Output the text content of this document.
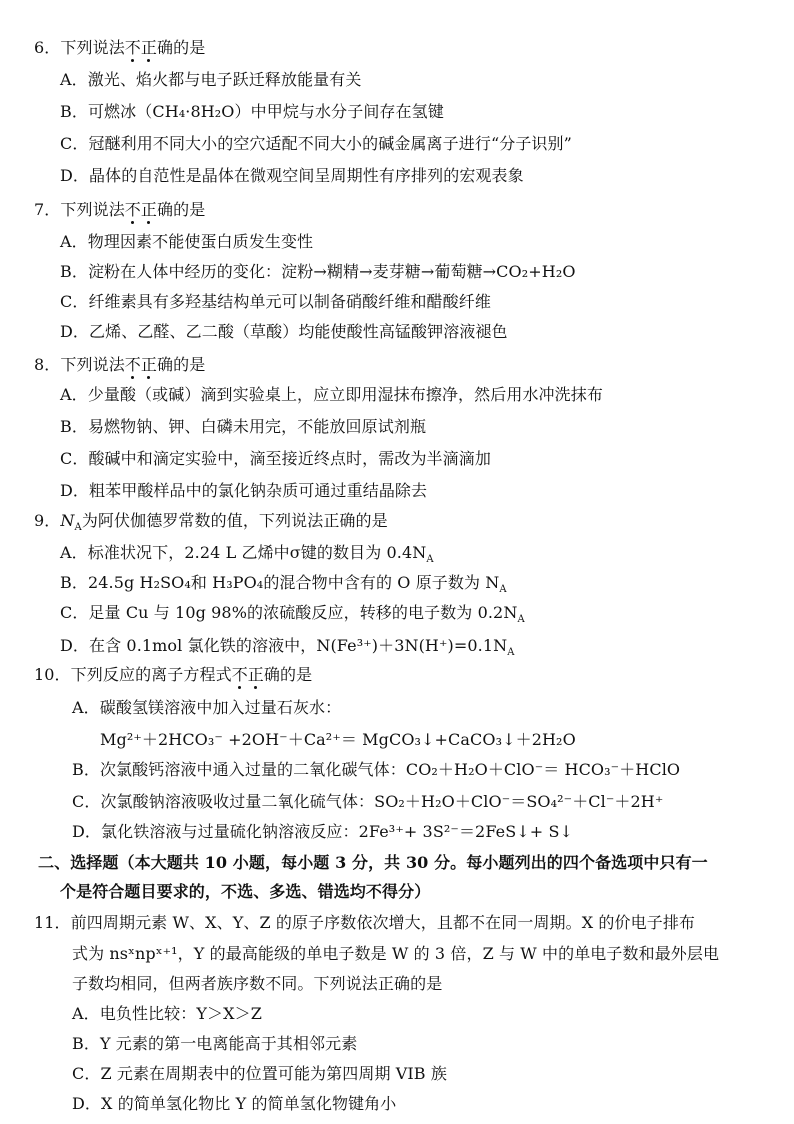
6．下列说法不正确的是
A．激光、焰火都与电子跃迁释放能量有关
B．可燃冰（CH₄·8H₂O）中甲烷与水分子间存在氢键
C．冠醚利用不同大小的空穴适配不同大小的碱金属离子进行“分子识别”
D．晶体的自范性是晶体在微观空间呈周期性有序排列的宏观表象
7．下列说法不正确的是
A．物理因素不能使蛋白质发生变性
B．淀粉在人体中经历的变化：淀粉→糊精→麦芽糖→葡萄糖→CO₂+H₂O
C．纤维素具有多羟基结构单元可以制备硝酸纤维和醋酸纤维
D．乙烯、乙醛、乙二酸（草酸）均能使酸性高锰酸钾溶液褪色
8．下列说法不正确的是
A．少量酸（或碱）滴到实验桌上，应立即用湿抹布擦净，然后用水冲洗抹布
B．易燃物钠、钾、白磷未用完，不能放回原试剂瓶
C．酸碱中和滴定实验中，滴至接近终点时，需改为半滴滴加
D．粗苯甲酸样品中的氯化钠杂质可通过重结晶除去
9．$N_A$为阿伏伽德罗常数的值，下列说法正确的是
A．标准状况下，2.24 L 乙烯中σ键的数目为 $0.4N_A$
B．24.5g H₂SO₄和 H₃PO₄的混合物中含有的 O 原子数为 $N_A$
C．足量 Cu 与 10g 98%的浓硫酸反应，转移的电子数为 $0.2N_A$
D．在含 0.1mol 氯化铁的溶液中，$N(Fe^{3+})+3N(H^+)=0.1N_A$
10．下列反应的离子方程式不正确的是
A．碳酸氢镁溶液中加入过量石灰水：
Mg²⁺＋2HCO₃⁻ +2OH⁻＋Ca²⁺＝ MgCO₃↓+CaCO₃↓＋2H₂O
B．次氯酸钙溶液中通入过量的二氧化碳气体：CO₂＋H₂O＋ClO⁻＝ HCO₃⁻＋HClO
C．次氯酸钠溶液吸收过量二氧化硫气体：SO₂＋H₂O＋ClO⁻＝SO₄²⁻＋Cl⁻＋2H⁺
D．氯化铁溶液与过量硫化钠溶液反应：2Fe³⁺+ 3S²⁻＝2FeS↓+ S↓
二、选择题（本大题共 10 小题，每小题 3 分，共 30 分。每小题列出的四个备选项中只有一
个是符合题目要求的，不选、多选、错选均不得分）
11．前四周期元素 W、X、Y、Z 的原子序数依次增大，且都不在同一周期。X 的价电子排布
式为 nsˣnpˣ⁺¹，Y 的最高能级的单电子数是 W 的 3 倍，Z 与 W 中的单电子数和最外层电
子数均相同，但两者族序数不同。下列说法正确的是
A．电负性比较：Y＞X＞Z
B．Y 元素的第一电离能高于其相邻元素
C．Z 元素在周期表中的位置可能为第四周期 VIB 族
D．X 的简单氢化物比 Y 的简单氢化物键角小
